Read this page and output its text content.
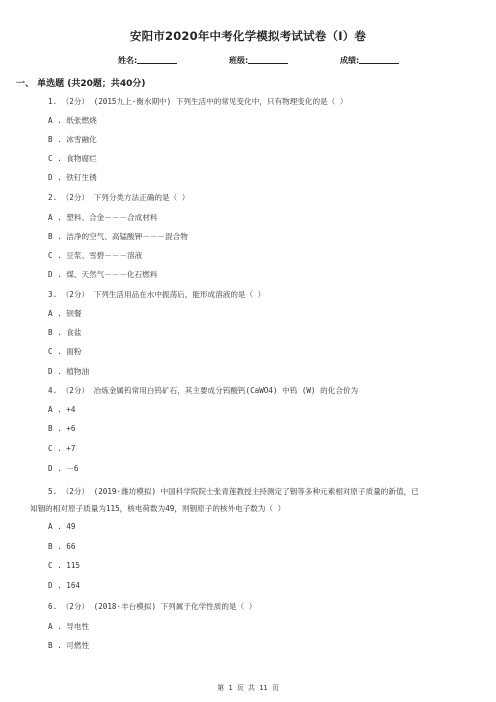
安阳市2020年中考化学模拟考试试卷（I）卷
姓名:	班级:	成绩:
一、 单选题 (共20题；共40分)
1. （2分） (2015九上·衡水期中) 下列生活中的常见变化中，只有物理变化的是（ ）
A . 纸张燃烧
B . 冰雪融化
C . 食物腐烂
D . 铁钉生锈
2. （2分） 下列分类方法正确的是（ ）
A . 塑料、合金－－－合成材料
B . 洁净的空气、高锰酸钾－－－混合物
C . 豆浆、雪碧－－－溶液
D . 煤、天然气－－－化石燃料
3. （2分） 下列生活用品在水中振荡后，能形成溶液的是（ ）
A . 钡餐
B . 食盐
C . 面粉
D . 植物油
4. （2分） 冶炼金属钨常用白钨矿石，其主要成分钨酸钙(CaWO4) 中钨 (W) 的化合价为
A . +4
B . +6
C . +7
D . －6
5. （2分） (2019·潍坊模拟) 中国科学院院士张青莲教授主持测定了铟等多种元素相对原子质量的新值，已
知铟的相对原子质量为115，核电荷数为49，则铟原子的核外电子数为（ ）
A . 49
B . 66
C . 115
D . 164
6. （2分） (2018·丰台模拟) 下列属于化学性质的是（ ）
A . 导电性
B . 可燃性
第 1 页 共 11 页
